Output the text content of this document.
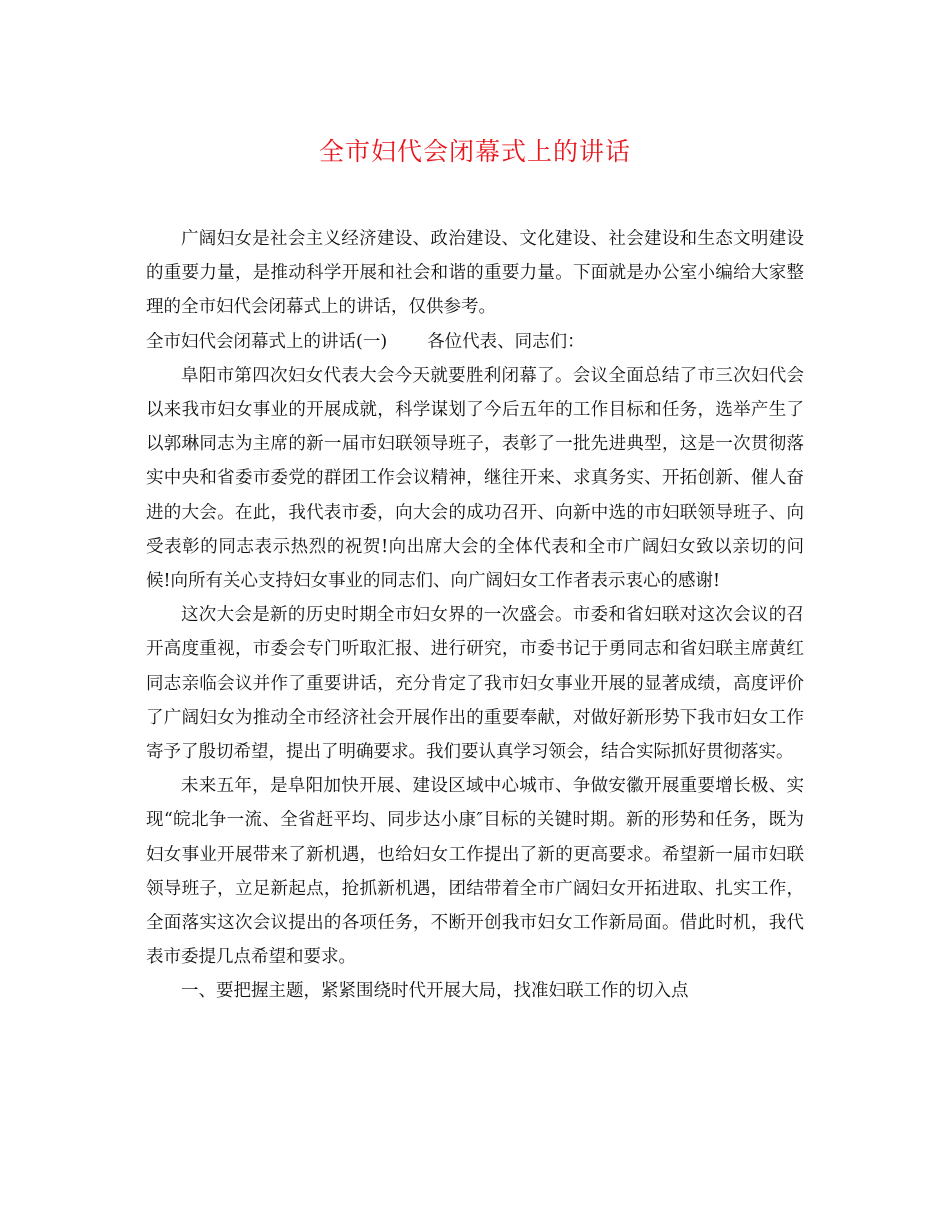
全市妇代会闭幕式上的讲话

广阔妇女是社会主义经济建设、政治建设、文化建设、社会建设和生态文明建设的重要力量，是推动科学开展和社会和谐的重要力量。下面就是办公室小编给大家整理的全市妇代会闭幕式上的讲话，仅供参考。

全市妇代会闭幕式上的讲话(一) 各位代表、同志们：

阜阳市第四次妇女代表大会今天就要胜利闭幕了。会议全面总结了市三次妇代会以来我市妇女事业的开展成就，科学谋划了今后五年的工作目标和任务，选举产生了以郭琳同志为主席的新一届市妇联领导班子，表彰了一批先进典型，这是一次贯彻落实中央和省委市委党的群团工作会议精神，继往开来、求真务实、开拓创新、催人奋进的大会。在此，我代表市委，向大会的成功召开、向新中选的市妇联领导班子、向受表彰的同志表示热烈的祝贺!向出席大会的全体代表和全市广阔妇女致以亲切的问候!向所有关心支持妇女事业的同志们、向广阔妇女工作者表示衷心的感谢!

这次大会是新的历史时期全市妇女界的一次盛会。市委和省妇联对这次会议的召开高度重视，市委会专门听取汇报、进行研究，市委书记于勇同志和省妇联主席黄红同志亲临会议并作了重要讲话，充分肯定了我市妇女事业开展的显著成绩，高度评价了广阔妇女为推动全市经济社会开展作出的重要奉献，对做好新形势下我市妇女工作寄予了殷切希望，提出了明确要求。我们要认真学习领会，结合实际抓好贯彻落实。

未来五年，是阜阳加快开展、建设区域中心城市、争做安徽开展重要增长极、实现“皖北争一流、全省赶平均、同步达小康″目标的关键时期。新的形势和任务，既为妇女事业开展带来了新机遇，也给妇女工作提出了新的更高要求。希望新一届市妇联领导班子，立足新起点，抢抓新机遇，团结带着全市广阔妇女开拓进取、扎实工作，全面落实这次会议提出的各项任务，不断开创我市妇女工作新局面。借此时机，我代表市委提几点希望和要求。

一、要把握主题，紧紧围绕时代开展大局，找准妇联工作的切入点
